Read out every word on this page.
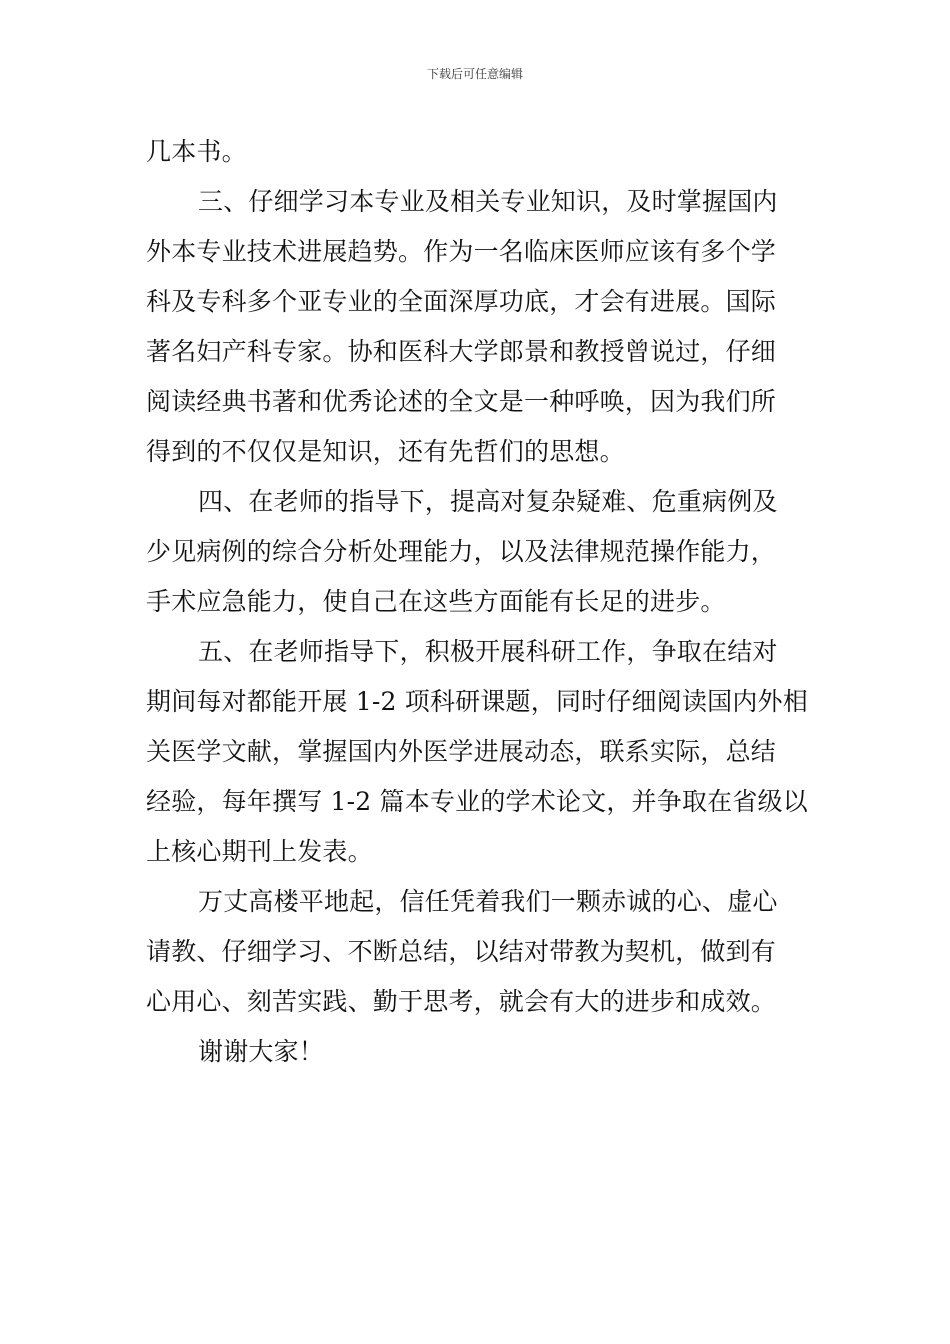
下载后可任意编辑
几本书。
三、仔细学习本专业及相关专业知识，及时掌握国内
外本专业技术进展趋势。作为一名临床医师应该有多个学
科及专科多个亚专业的全面深厚功底，才会有进展。国际
著名妇产科专家。协和医科大学郎景和教授曾说过，仔细
阅读经典书著和优秀论述的全文是一种呼唤，因为我们所
得到的不仅仅是知识，还有先哲们的思想。
四、在老师的指导下，提高对复杂疑难、危重病例及
少见病例的综合分析处理能力，以及法律规范操作能力，
手术应急能力，使自己在这些方面能有长足的进步。
五、在老师指导下，积极开展科研工作，争取在结对
期间每对都能开展 1-2 项科研课题，同时仔细阅读国内外相
关医学文献，掌握国内外医学进展动态，联系实际，总结
经验，每年撰写 1-2 篇本专业的学术论文，并争取在省级以
上核心期刊上发表。
万丈高楼平地起，信任凭着我们一颗赤诚的心、虚心
请教、仔细学习、不断总结，以结对带教为契机，做到有
心用心、刻苦实践、勤于思考，就会有大的进步和成效。
谢谢大家！
